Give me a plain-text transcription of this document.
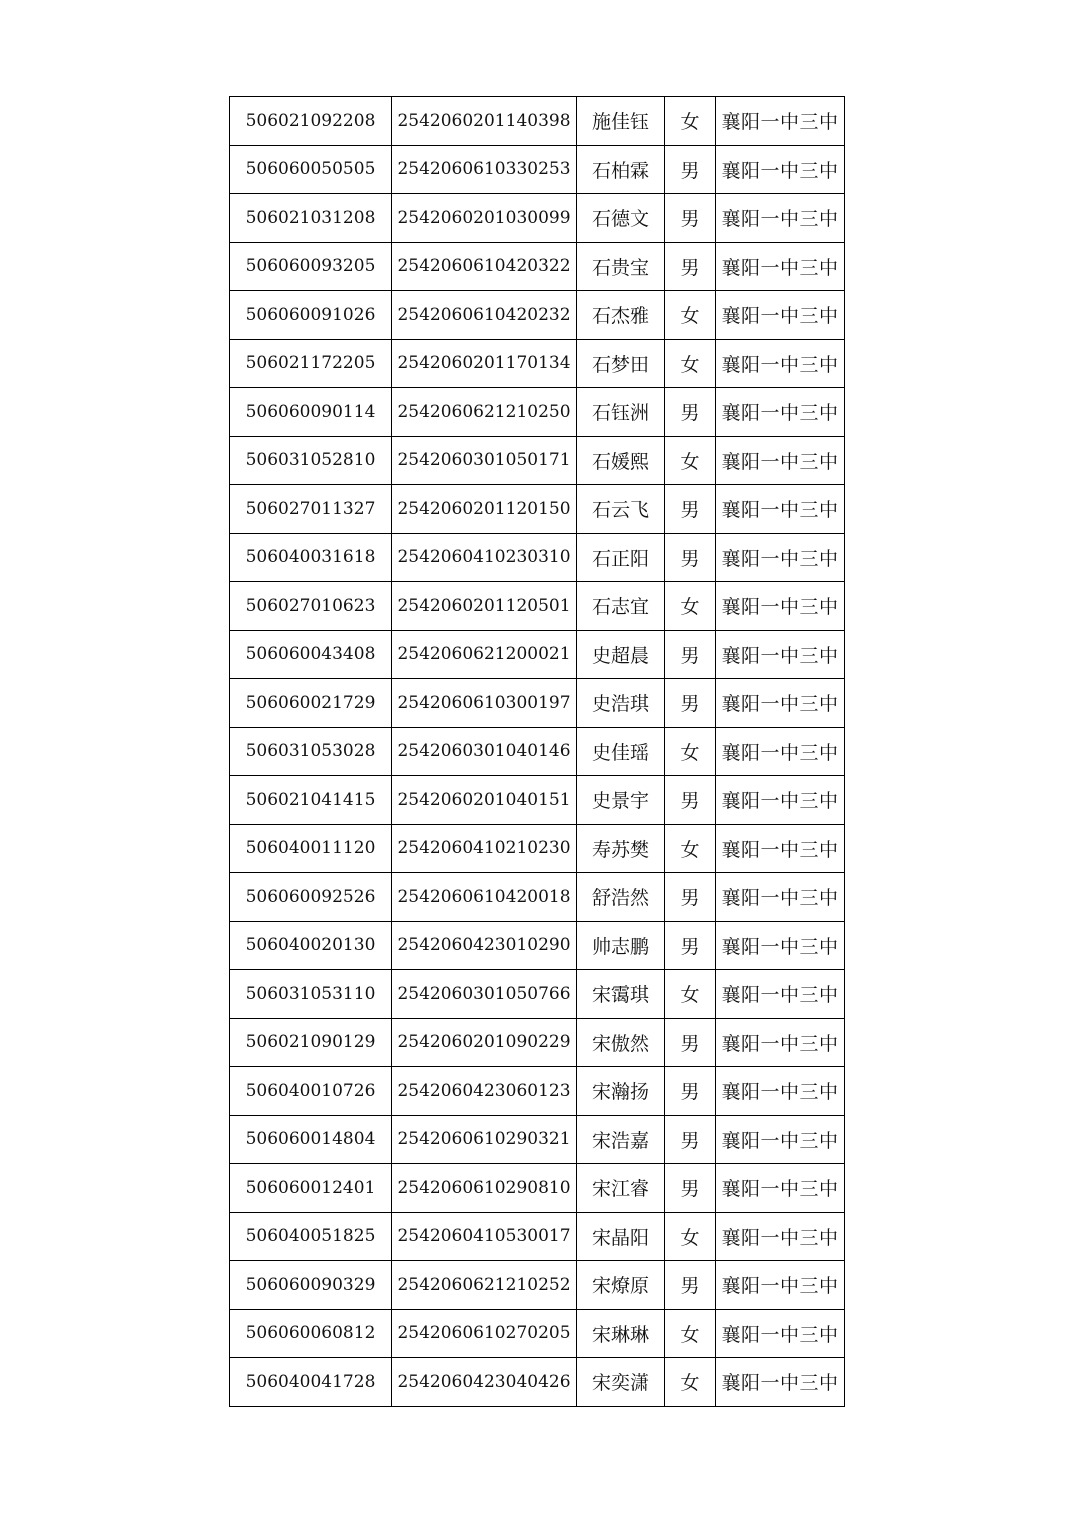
506021092208	2542060201140398	施佳钰	女	襄阳一中三中
506060050505	2542060610330253	石柏霖	男	襄阳一中三中
506021031208	2542060201030099	石德文	男	襄阳一中三中
506060093205	2542060610420322	石贵宝	男	襄阳一中三中
506060091026	2542060610420232	石杰雅	女	襄阳一中三中
506021172205	2542060201170134	石梦田	女	襄阳一中三中
506060090114	2542060621210250	石钰洲	男	襄阳一中三中
506031052810	2542060301050171	石媛熙	女	襄阳一中三中
506027011327	2542060201120150	石云飞	男	襄阳一中三中
506040031618	2542060410230310	石正阳	男	襄阳一中三中
506027010623	2542060201120501	石志宜	女	襄阳一中三中
506060043408	2542060621200021	史超晨	男	襄阳一中三中
506060021729	2542060610300197	史浩琪	男	襄阳一中三中
506031053028	2542060301040146	史佳瑶	女	襄阳一中三中
506021041415	2542060201040151	史景宇	男	襄阳一中三中
506040011120	2542060410210230	寿苏樊	女	襄阳一中三中
506060092526	2542060610420018	舒浩然	男	襄阳一中三中
506040020130	2542060423010290	帅志鹏	男	襄阳一中三中
506031053110	2542060301050766	宋霭琪	女	襄阳一中三中
506021090129	2542060201090229	宋傲然	男	襄阳一中三中
506040010726	2542060423060123	宋瀚扬	男	襄阳一中三中
506060014804	2542060610290321	宋浩嘉	男	襄阳一中三中
506060012401	2542060610290810	宋江睿	男	襄阳一中三中
506040051825	2542060410530017	宋晶阳	女	襄阳一中三中
506060090329	2542060621210252	宋燎原	男	襄阳一中三中
506060060812	2542060610270205	宋琳琳	女	襄阳一中三中
506040041728	2542060423040426	宋奕潇	女	襄阳一中三中
